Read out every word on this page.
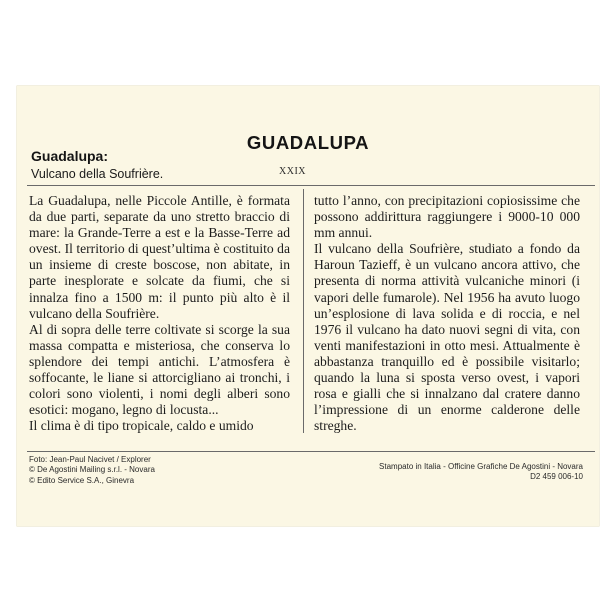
GUADALUPA
Guadalupa:
Vulcano della Soufrière.	XXIX

La Guadalupa, nelle Piccole Antille, è formata da due parti, separate da uno stretto braccio di mare: la Grande-Terre a est e la Basse-Terre ad ovest. Il territorio di quest’ultima è costituito da un insieme di creste boscose, non abitate, in parte inesplorate e solcate da fiumi, che si innalza fino a 1500 m: il punto più alto è il vulcano della Soufrière.

Al di sopra delle terre coltivate si scorge la sua massa compatta e misteriosa, che conserva lo splendore dei tempi antichi. L’atmosfera è soffocante, le liane si attorcigliano ai tronchi, i colori sono violenti, i nomi degli alberi sono esotici: mogano, legno di locusta...

Il clima è di tipo tropicale, caldo e umido

tutto l’anno, con precipitazioni copiosissime che possono addirittura raggiungere i 9000-10 000 mm annui.

Il vulcano della Soufrière, studiato a fondo da Haroun Tazieff, è un vulcano ancora attivo, che presenta di norma attività vulcaniche minori (i vapori delle fumarole). Nel 1956 ha avuto luogo un’esplosione di lava solida e di roccia, e nel 1976 il vulcano ha dato nuovi segni di vita, con venti manifestazioni in otto mesi. Attualmente è abbastanza tranquillo ed è possibile visitarlo; quando la luna si sposta verso ovest, i vapori rosa e gialli che si innalzano dal cratere danno l’impressione di un enorme calderone delle streghe.

Foto: Jean-Paul Nacivet / Explorer
© De Agostini Mailing s.r.l. - Novara
© Edito Service S.A., Ginevra
Stampato in Italia - Officine Grafiche De Agostini - Novara
D2 459 006-10
